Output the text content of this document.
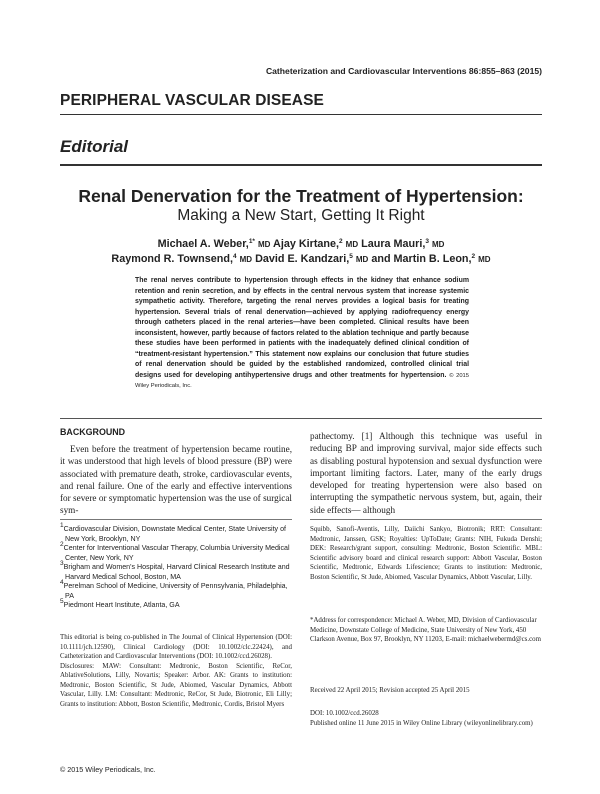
Catheterization and Cardiovascular Interventions 86:855–863 (2015)
PERIPHERAL VASCULAR DISEASE
Editorial
Renal Denervation for the Treatment of Hypertension:
Making a New Start, Getting It Right
Michael A. Weber,$^{1*}$ MD Ajay Kirtane,$^2$ MD Laura Mauri,$^3$ MD
Raymond R. Townsend,$^4$ MD David E. Kandzari,$^5$ MD and Martin B. Leon,$^2$ MD
The renal nerves contribute to hypertension through effects in the kidney that enhance sodium retention and renin secretion, and by effects in the central nervous system that increase systemic sympathetic activity. Therefore, targeting the renal nerves provides a logical basis for treating hypertension. Several trials of renal denervation—achieved by applying radiofrequency energy through catheters placed in the renal arteries—have been completed. Clinical results have been inconsistent, however, partly because of factors related to the ablation technique and partly because these studies have been performed in patients with the inadequately defined clinical condition of “treatment-resistant hypertension.” This statement now explains our conclusion that future studies of renal denervation should be guided by the established randomized, controlled clinical trial designs used for developing antihypertensive drugs and other treatments for hypertension. © 2015 Wiley Periodicals, Inc.
BACKGROUND
Even before the treatment of hypertension became routine, it was understood that high levels of blood pressure (BP) were associated with premature death, stroke, cardiovascular events, and renal failure. One of the early and effective interventions for severe or symptomatic hypertension was the use of surgical sym-
pathectomy. [1] Although this technique was useful in reducing BP and improving survival, major side effects such as disabling postural hypotension and sexual dysfunction were important limiting factors. Later, many of the early drugs developed for treating hypertension were also based on interrupting the sympathetic nervous system, but, again, their side effects— although
$^1$Cardiovascular Division, Downstate Medical Center, State University of New York, Brooklyn, NY
$^2$Center for Interventional Vascular Therapy, Columbia University Medical Center, New York, NY
$^3$Brigham and Women's Hospital, Harvard Clinical Research Institute and Harvard Medical School, Boston, MA
$^4$Perelman School of Medicine, University of Pennsylvania, Philadelphia, PA
$^5$Piedmont Heart Institute, Atlanta, GA
This editorial is being co-published in The Journal of Clinical Hypertension (DOI: 10.1111/jch.12590), Clinical Cardiology (DOI: 10.1002/clc.22424), and Catheterization and Cardiovascular Interventions (DOI: 10.1002/ccd.26028).
Disclosures: MAW: Consultant: Medtronic, Boston Scientific, ReCor, AblativeSolutions, Lilly, Novartis; Speaker: Arbor. AK: Grants to institution: Medtronic, Boston Scientific, St Jude, Abiomed, Vascular Dynamics, Abbott Vascular, Lilly. LM: Consultant: Medtronic, ReCor, St Jude, Biotronic, Eli Lilly; Grants to institution: Abbott, Boston Scientific, Medtronic, Cordis, Bristol Myers
Squibb, Sanofi-Aventis, Lilly, Daiichi Sankyo, Biotronik; RRT: Consultant: Medtronic, Janssen, GSK; Royalties: UpToDate; Grants: NIH, Fukuda Denshi; DEK: Research/grant support, consulting: Medtronic, Boston Scientific. MBL: Scientific advisory board and clinical research support: Abbott Vascular, Boston Scientific, Medtronic, Edwards Lifescience; Grants to institution: Medtronic, Boston Scientific, St Jude, Abiomed, Vascular Dynamics, Abbott Vascular, Lilly.
*Address for correspondence: Michael A. Weber, MD, Division of Cardiovascular Medicine, Downstate College of Medicine, State University of New York, 450 Clarkson Avenue, Box 97, Brooklyn, NY 11203, E-mail: michaelwebermd@cs.com
Received 22 April 2015; Revision accepted 25 April 2015
DOI: 10.1002/ccd.26028
Published online 11 June 2015 in Wiley Online Library (wileyonlinelibrary.com)
© 2015 Wiley Periodicals, Inc.
